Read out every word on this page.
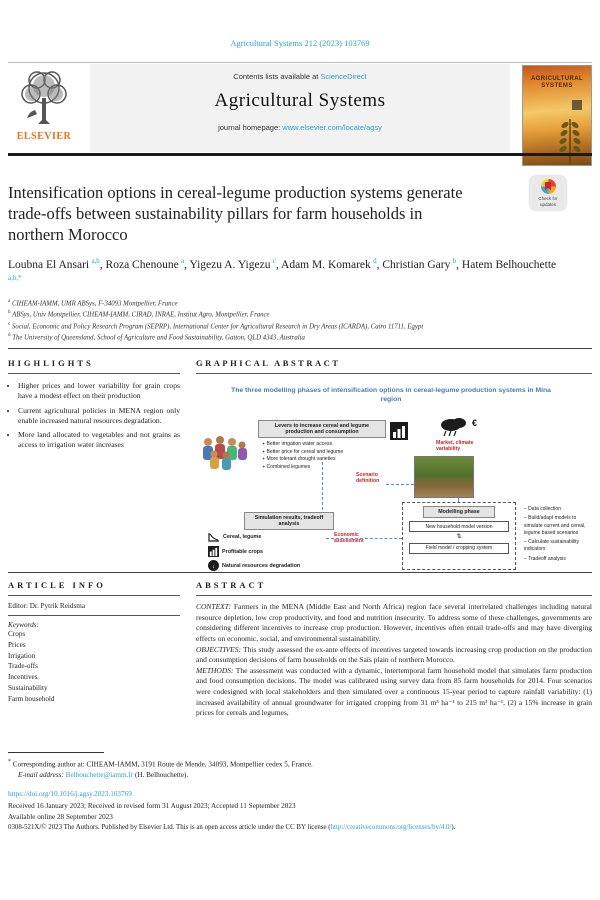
Agricultural Systems 212 (2023) 103769
Contents lists available at ScienceDirect
Agricultural Systems
journal homepage: www.elsevier.com/locate/agsy
ELSEVIER
AGRICULTURAL SYSTEMS
Intensification options in cereal-legume production systems generate trade-offs between sustainability pillars for farm households in northern Morocco
Check for updates
Loubna El Ansari  $^{a,b}$, Roza Chenoune  $^a$, Yigezu A. Yigezu  $^c$, Adam M. Komarek  $^d$, Christian Gary  $^b$, Hatem Belhouchette $^{a,b,*}$
$^a$ CIHEAM-IAMM, UMR ABSys, F-34093 Montpellier, France
$^b$ ABSys, Univ Montpellier, CIHEAM-IAMM, CIRAD, INRAE, Institut Agro, Montpellier, France
$^c$ Social, Economic and Policy Research Program (SEPRP), International Center for Agricultural Research in Dry Areas (ICARDA), Cairo 11711, Egypt
$^d$ The University of Queensland, School of Agriculture and Food Sustainability, Gatton, QLD 4343, Australia
HIGHLIGHTS
• Higher prices and lower variability for grain crops have a modest effect on their production
• Current agricultural policies in MENA region only enable increased natural resources degradation.
• More land allocated to vegetables and not grains as access to irrigation water increases
GRAPHICAL ABSTRACT
The three modelling phases of intensification options in cereal-legume production systems in Mina region
Levers to increase cereal and legume production and consumption
✦ Better irrigation water access
✦ Better price for cereal and legume
✦ More tolerant drought varieties
✦ Combined legumes
€
Market, climate variability
Scenario definition
Modelling phase
New household model version
⇅
Field model / cropping system
– Data collection
– Build/adapt models to simulate current and cereal, legume based scenarios
– Calculate sustainability indicators
– Tradeoff analysis
Simulation results, tradeoff analysis
Economic assessment
Cereal, legume
Profitable crops
↓ Natural resources degradation
ARTICLE INFO
Editor: Dr. Pytrik Reidsma
Keywords:
Crops
Prices
Irrigation
Trade-offs
Incentives
Sustainability
Farm household
ABSTRACT
CONTEXT: Farmers in the MENA (Middle East and North Africa) region face several interrelated challenges including natural resource depletion, low crop productivity, and food and nutrition insecurity. To address some of these challenges, governments are considering different incentives to increase crop production. However, incentives often entail trade-offs and may have diverging effects on economic, social, and environmental sustainability.
OBJECTIVES: This study assessed the ex-ante effects of incentives targeted towards increasing crop production on the production and consumption decisions of farm households on the Saïs plain of northern Morocco.
METHODS: The assessment was conducted with a dynamic, intertemporal farm household model that simulates farm production and food consumption decisions. The model was calibrated using survey data from 85 farm households for 2014. Four scenarios were codesigned with local stakeholders and then simulated over a continuous 15-year period to capture rainfall variability: (1) increased availability of annual groundwater for irrigated cropping from 31 m³ ha⁻¹ to 215 m³ ha⁻¹, (2) a 15% increase in grain prices for cereals and legumes,
* Corresponding author at: CIHEAM-IAMM, 3191 Route de Mende, 34093, Montpellier cedex 5, France.
E-mail address: Belhouchette@iamm.fr (H. Belhouchette).
https://doi.org/10.1016/j.agsy.2023.103769
Received 16 January 2023; Received in revised form 31 August 2023; Accepted 11 September 2023
Available online 28 September 2023
0308-521X/© 2023 The Authors. Published by Elsevier Ltd. This is an open access article under the CC BY license (http://creativecommons.org/licenses/by/4.0/).
